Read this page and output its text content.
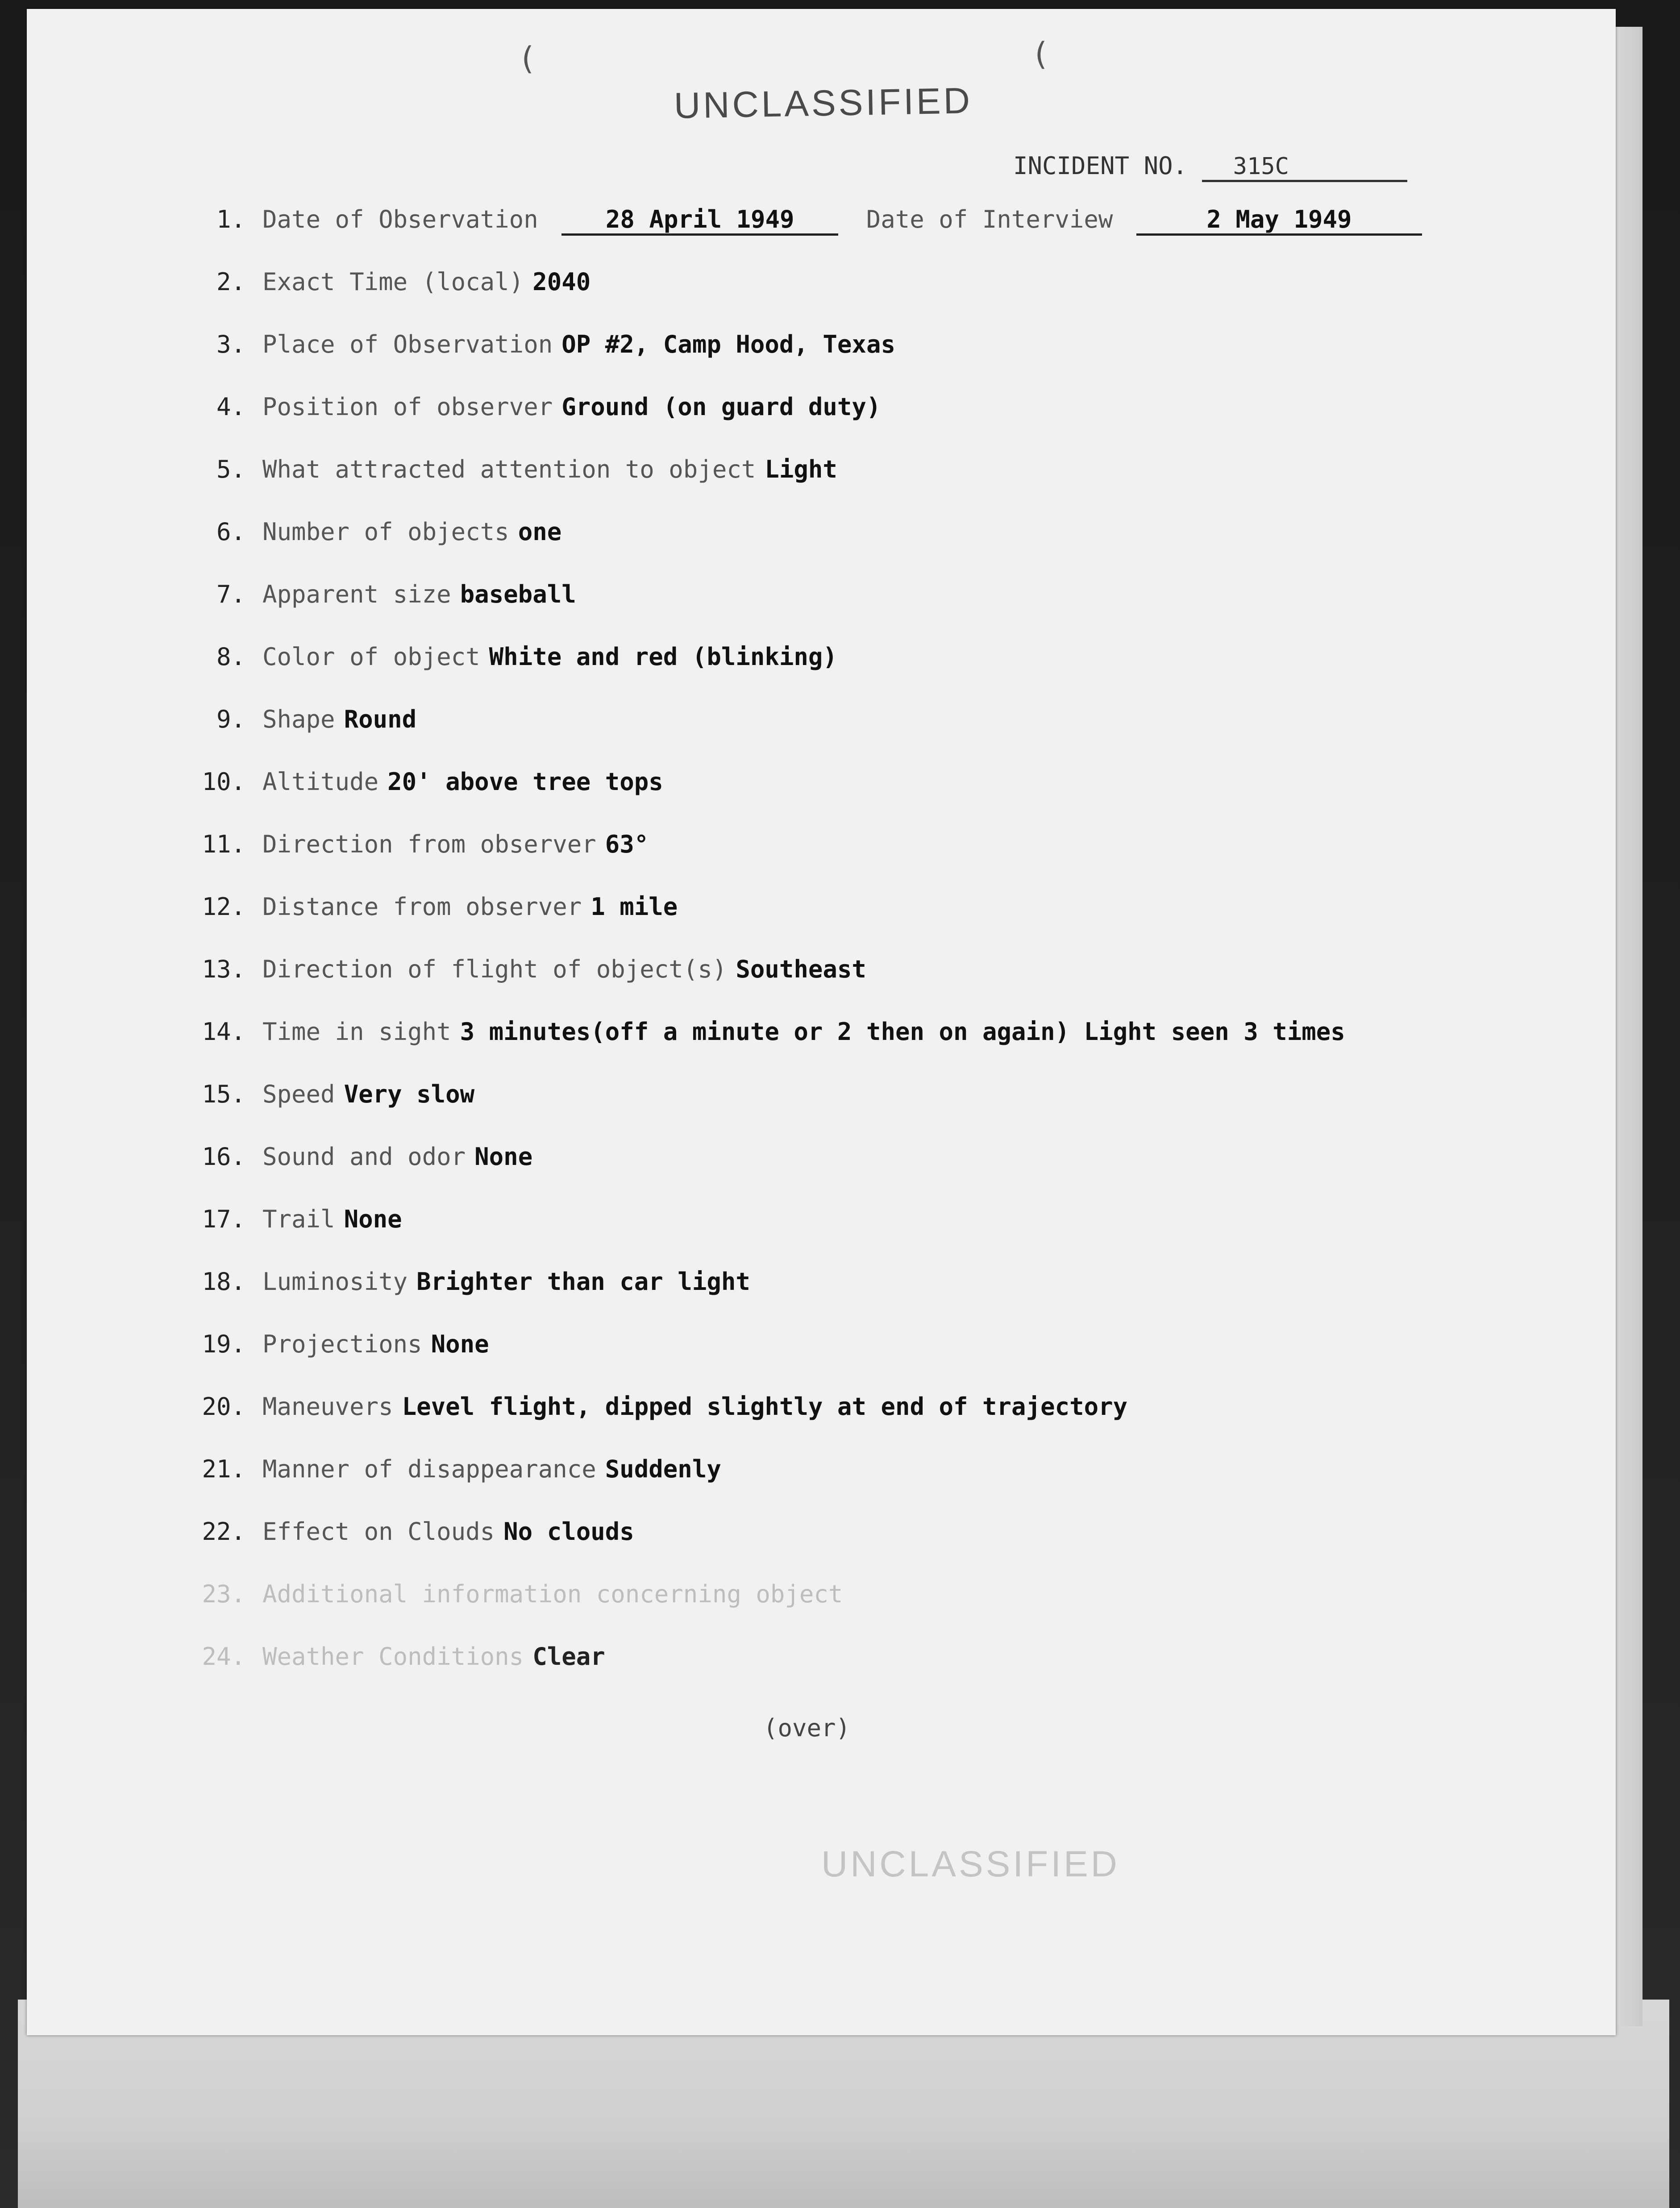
(	(
UNCLASSIFIED
INCIDENT NO. 315C
1. Date of Observation	28 April 1949	Date of Interview	2 May 1949
2. Exact Time (local) 2040
3. Place of Observation OP #2, Camp Hood, Texas
4. Position of observer Ground (on guard duty)
5. What attracted attention to object Light
6. Number of objects one
7. Apparent size baseball
8. Color of object White and red (blinking)
9. Shape Round
10. Altitude 20' above tree tops
11. Direction from observer 63°
12. Distance from observer 1 mile
13. Direction of flight of object(s) Southeast
14. Time in sight 3 minutes(off a minute or 2 then on again) Light seen 3 times
15. Speed Very slow
16. Sound and odor None
17. Trail None
18. Luminosity Brighter than car light
19. Projections None
20. Maneuvers Level flight, dipped slightly at end of trajectory
21. Manner of disappearance Suddenly
22. Effect on Clouds No clouds
23. Additional information concerning object
24. Weather Conditions Clear
(over)
UNCLASSIFIED
